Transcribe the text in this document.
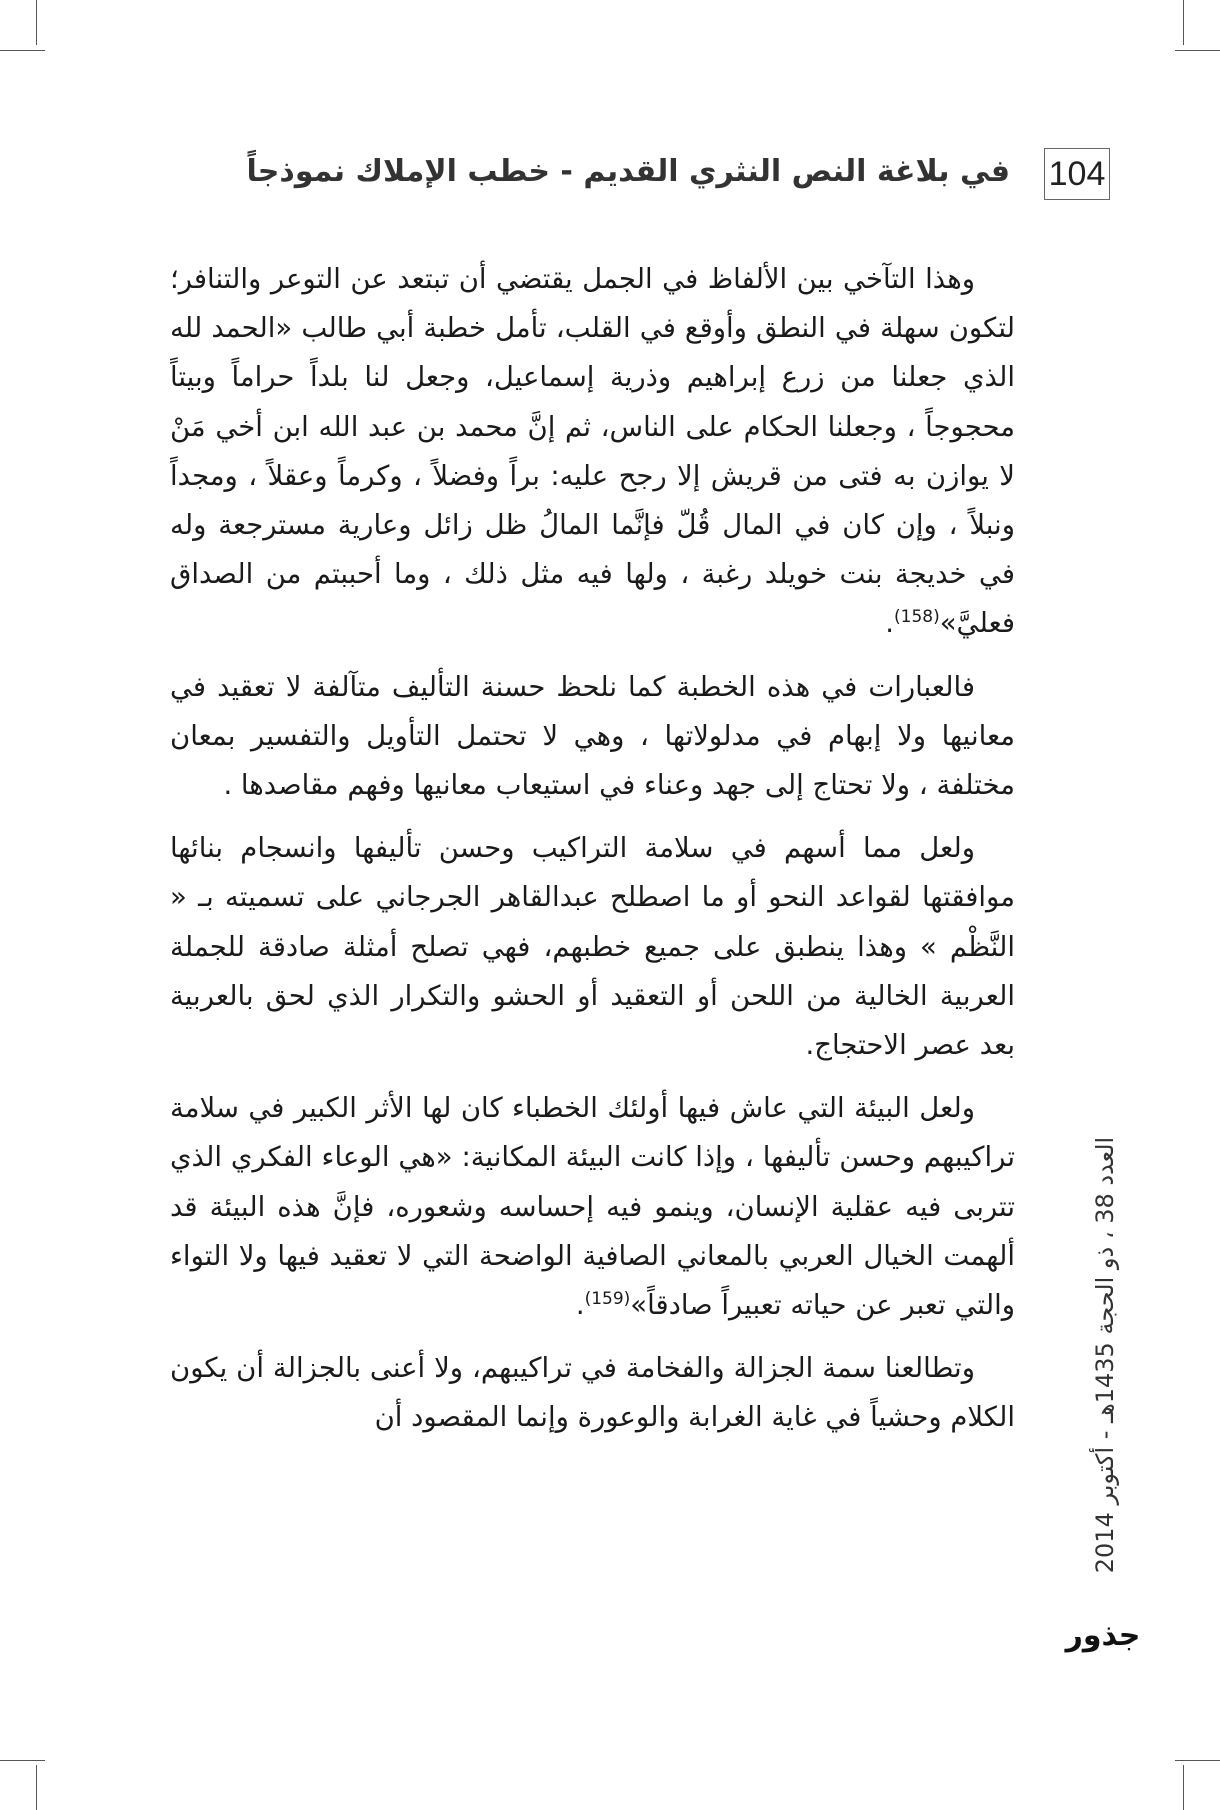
104
في بلاغة النص النثري القديم - خطب الإملاك نموذجاً

وهذا التآخي بين الألفاظ في الجمل يقتضي أن تبتعد عن التوعر والتنافر؛ لتكون سهلة في النطق وأوقع في القلب، تأمل خطبة أبي طالب «الحمد لله الذي جعلنا من زرع إبراهيم وذرية إسماعيل، وجعل لنا بلداً حراماً وبيتاً محجوجاً ، وجعلنا الحكام على الناس، ثم إنَّ محمد بن عبد الله ابن أخي مَنْ لا يوازن به فتى من قريش إلا رجح عليه: براً وفضلاً ، وكرماً وعقلاً ، ومجداً ونبلاً ، وإن كان في المال قُلّ فإنَّما المالُ ظل زائل وعارية مسترجعة وله في خديجة بنت خويلد رغبة ، ولها فيه مثل ذلك ، وما أحببتم من الصداق فعليَّ»$^{(158)}$.

فالعبارات في هذه الخطبة كما نلحظ حسنة التأليف متآلفة لا تعقيد في معانيها ولا إبهام في مدلولاتها ، وهي لا تحتمل التأويل والتفسير بمعان مختلفة ، ولا تحتاج إلى جهد وعناء في استيعاب معانيها وفهم مقاصدها .

ولعل مما أسهم في سلامة التراكيب وحسن تأليفها وانسجام بنائها موافقتها لقواعد النحو أو ما اصطلح عبدالقاهر الجرجاني على تسميته بـ « النَّظْم » وهذا ينطبق على جميع خطبهم، فهي تصلح أمثلة صادقة للجملة العربية الخالية من اللحن أو التعقيد أو الحشو والتكرار الذي لحق بالعربية بعد عصر الاحتجاج.

ولعل البيئة التي عاش فيها أولئك الخطباء كان لها الأثر الكبير في سلامة تراكيبهم وحسن تأليفها ، وإذا كانت البيئة المكانية: «هي الوعاء الفكري الذي تتربى فيه عقلية الإنسان، وينمو فيه إحساسه وشعوره، فإنَّ هذه البيئة قد ألهمت الخيال العربي بالمعاني الصافية الواضحة التي لا تعقيد فيها ولا التواء والتي تعبر عن حياته تعبيراً صادقاً»$^{(159)}$.

وتطالعنا سمة الجزالة والفخامة في تراكيبهم، ولا أعنى بالجزالة أن يكون الكلام وحشياً في غاية الغرابة والوعورة وإنما المقصود أن

العدد 38 ، ذو الحجة 1435هـ - أكتوبر 2014
جذور
